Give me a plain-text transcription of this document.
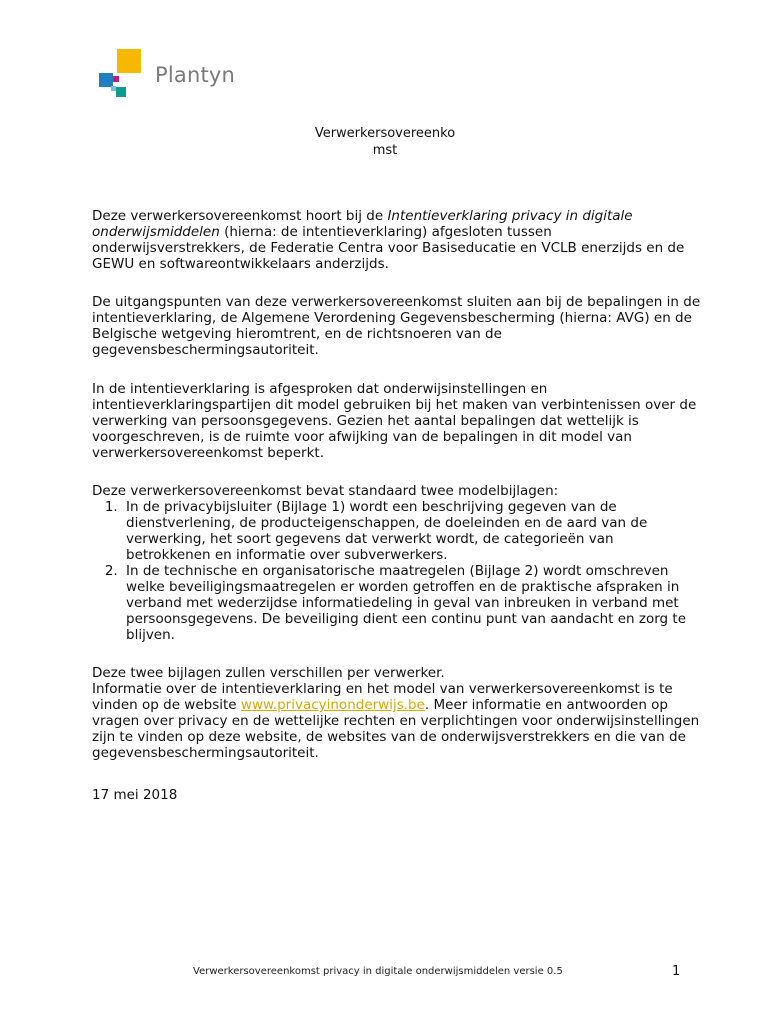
Plantyn
Verwerkersovereenko
mst

Deze verwerkersovereenkomst hoort bij de Intentieverklaring privacy in digitale onderwijsmiddelen (hierna: de intentieverklaring) afgesloten tussen onderwijsverstrekkers, de Federatie Centra voor Basiseducatie en VCLB enerzijds en de GEWU en softwareontwikkelaars anderzijds.

De uitgangspunten van deze verwerkersovereenkomst sluiten aan bij de bepalingen in de intentieverklaring, de Algemene Verordening Gegevensbescherming (hierna: AVG) en de Belgische wetgeving hieromtrent, en de richtsnoeren van de gegevensbeschermingsautoriteit.

In de intentieverklaring is afgesproken dat onderwijsinstellingen en intentieverklaringspartijen dit model gebruiken bij het maken van verbintenissen over de verwerking van persoonsgegevens. Gezien het aantal bepalingen dat wettelijk is voorgeschreven, is de ruimte voor afwijking van de bepalingen in dit model van verwerkersovereenkomst beperkt.

Deze verwerkersovereenkomst bevat standaard twee modelbijlagen:

1. In de privacybijsluiter (Bijlage 1) wordt een beschrijving gegeven van de dienstverlening, de producteigenschappen, de doeleinden en de aard van de verwerking, het soort gegevens dat verwerkt wordt, de categorieën van betrokkenen en informatie over subverwerkers.
2. In de technische en organisatorische maatregelen (Bijlage 2) wordt omschreven welke beveiligingsmaatregelen er worden getroffen en de praktische afspraken in verband met wederzijdse informatiedeling in geval van inbreuken in verband met persoonsgegevens. De beveiliging dient een continu punt van aandacht en zorg te blijven.

Deze twee bijlagen zullen verschillen per verwerker.

Informatie over de intentieverklaring en het model van verwerkersovereenkomst is te vinden op de website www.privacyinonderwijs.be. Meer informatie en antwoorden op vragen over privacy en de wettelijke rechten en verplichtingen voor onderwijsinstellingen zijn te vinden op deze website, de websites van de onderwijsverstrekkers en die van de gegevensbeschermingsautoriteit.

17 mei 2018

Verwerkersovereenkomst privacy in digitale onderwijsmiddelen versie 0.5	1
